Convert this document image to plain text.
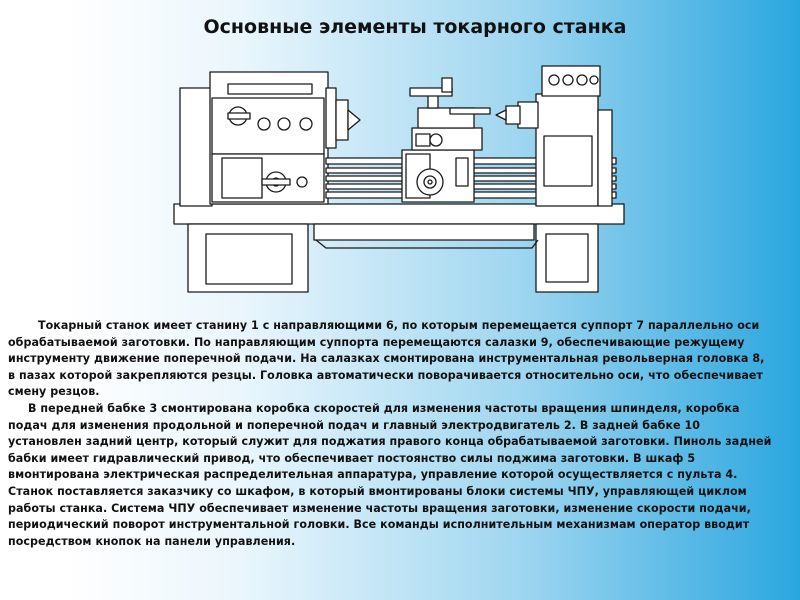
Основные элементы токарного станка

Токарный станок имеет станину 1 с направляющими 6, по которым перемещается суппорт 7 параллельно оси
обрабатываемой заготовки. По направляющим суппорта перемещаются салазки 9, обеспечивающие режущему
инструменту движение поперечной подачи. На салазках смонтирована инструментальная револьверная головка 8,
в пазах которой закрепляются резцы. Головка автоматически поворачивается относительно оси, что обеспечивает
смену резцов.

В передней бабке 3 смонтирована коробка скоростей для изменения частоты вращения шпинделя, коробка
подач для изменения продольной и поперечной подач и главный электродвигатель 2. В задней бабке 10
установлен задний центр, который служит для поджатия правого конца обрабатываемой заготовки. Пиноль задней
бабки имеет гидравлический привод, что обеспечивает постоянство силы поджима заготовки. В шкаф 5
вмонтирована электрическая распределительная аппаратура, управление которой осуществляется с пульта 4.
Станок поставляется заказчику со шкафом, в который вмонтированы блоки системы ЧПУ, управляющей циклом
работы станка. Система ЧПУ обеспечивает изменение частоты вращения заготовки, изменение скорости подачи,
периодический поворот инструментальной головки. Все команды исполнительным механизмам оператор вводит
посредством кнопок на панели управления.
